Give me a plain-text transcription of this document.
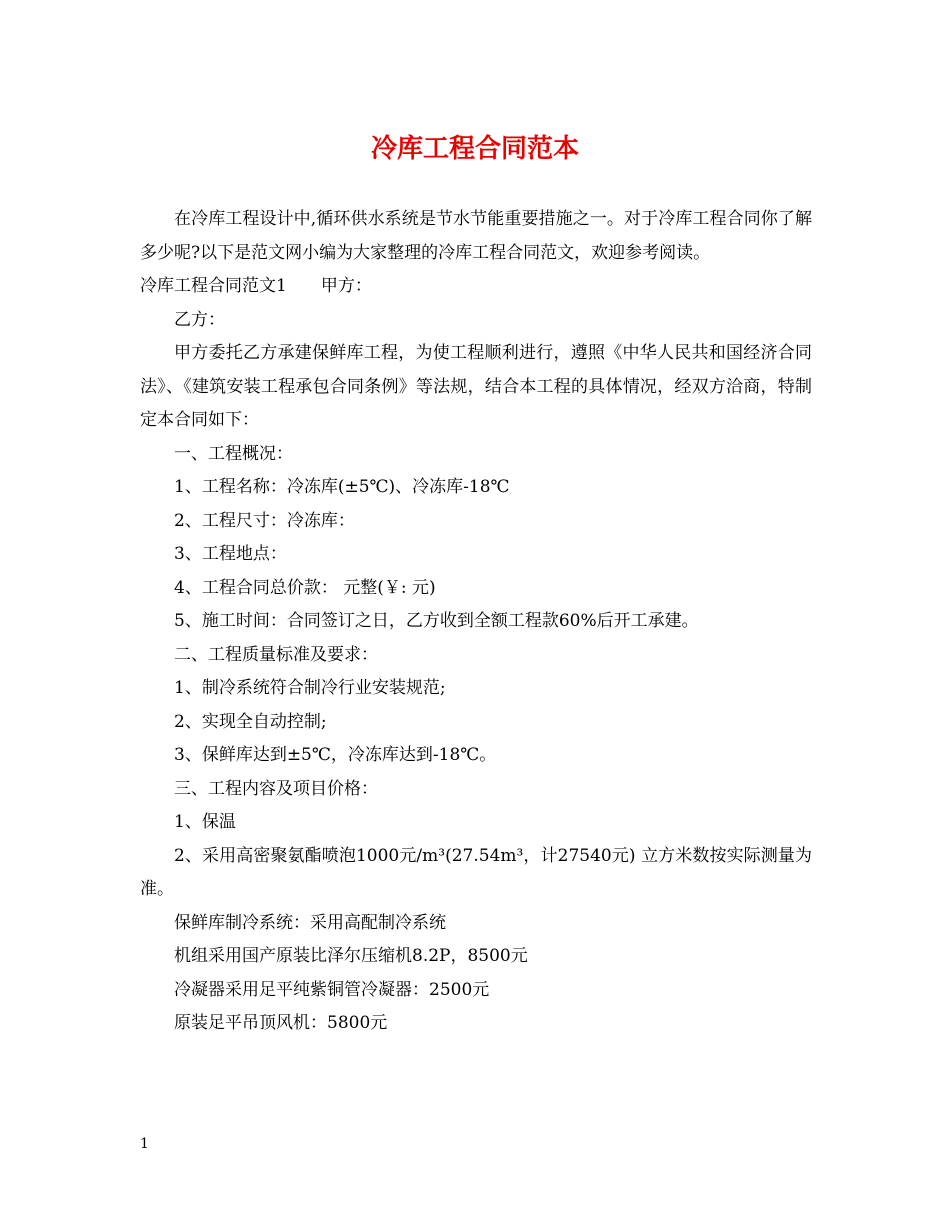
冷库工程合同范本

在冷库工程设计中,循环供水系统是节水节能重要措施之一。对于冷库工程合同你了解多少呢?以下是范文网小编为大家整理的冷库工程合同范文，欢迎参考阅读。

冷库工程合同范文1 甲方：

乙方：

甲方委托乙方承建保鲜库工程，为使工程顺利进行，遵照《中华人民共和国经济合同法》、《建筑安装工程承包合同条例》等法规，结合本工程的具体情况，经双方洽商，特制定本合同如下：

一、工程概况：

1、工程名称：冷冻库(±5℃)、冷冻库-18℃

2、工程尺寸：冷冻库：

3、工程地点：

4、工程合同总价款： 元整(￥: 元)

5、施工时间：合同签订之日，乙方收到全额工程款60%后开工承建。

二、工程质量标准及要求：

1、制冷系统符合制冷行业安装规范;

2、实现全自动控制;

3、保鲜库达到±5℃，冷冻库达到-18℃。

三、工程内容及项目价格：

1、保温

2、采用高密聚氨酯喷泡1000元/m³(27.54m³，计27540元) 立方米数按实际测量为准。

保鲜库制冷系统：采用高配制冷系统

机组采用国产原装比泽尔压缩机8.2P，8500元

冷凝器采用足平纯紫铜管冷凝器：2500元

原装足平吊顶风机：5800元

1
